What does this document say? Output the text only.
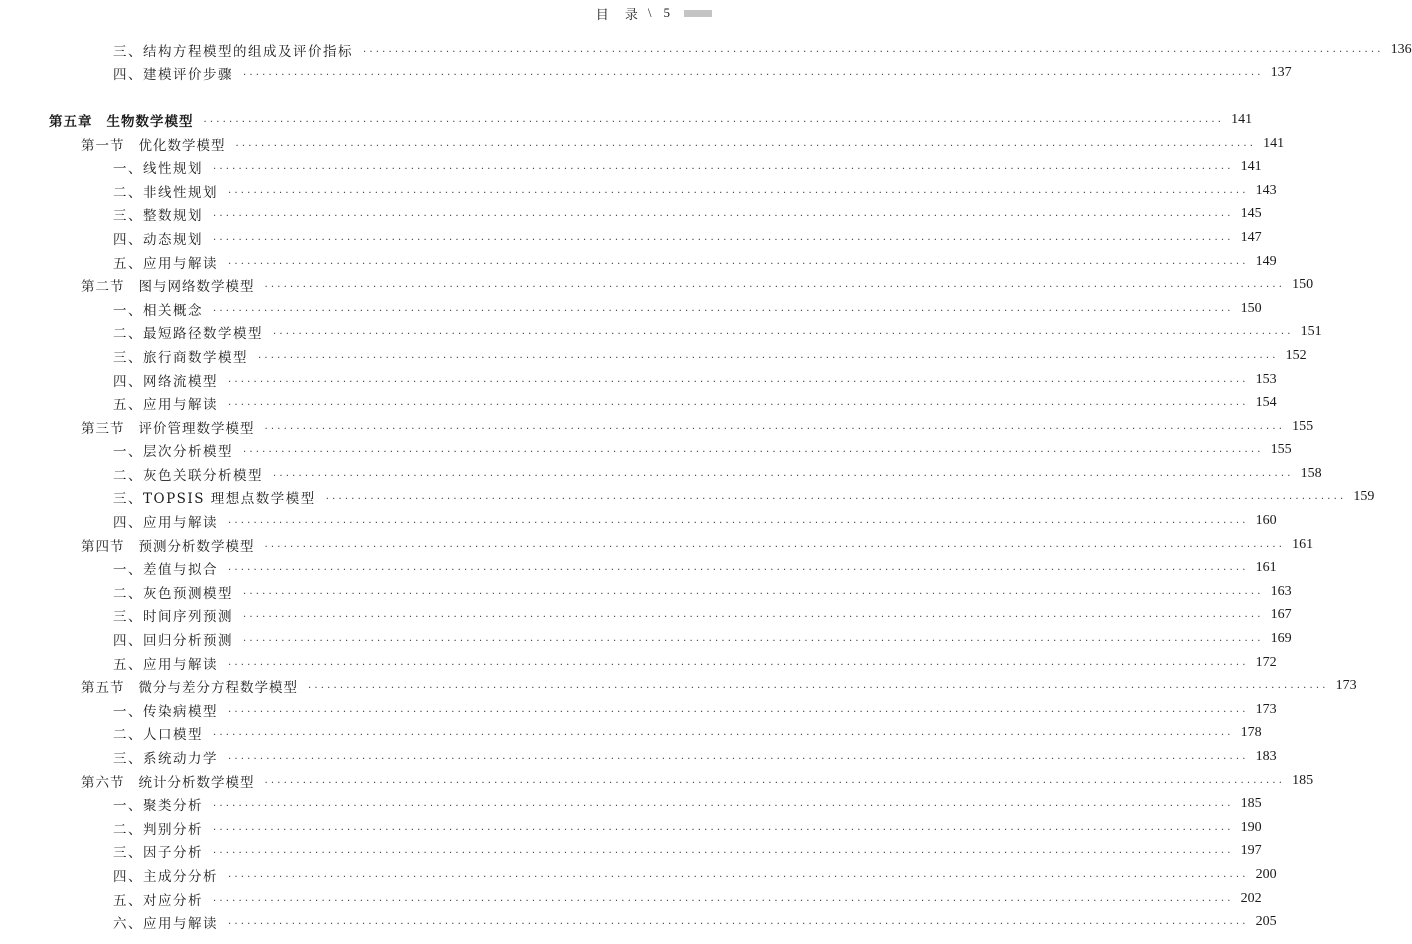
目 录 \ 5
三、结构方程模型的组成及评价指标	................................................................................................................................................................ 136
四、建模评价步骤	................................................................................................................................................................ 137
第五章 生物数学模型	................................................................................................................................................................ 141
第一节 优化数学模型	................................................................................................................................................................ 141
一、线性规划	................................................................................................................................................................ 141
二、非线性规划	................................................................................................................................................................ 143
三、整数规划	................................................................................................................................................................ 145
四、动态规划	................................................................................................................................................................ 147
五、应用与解读	................................................................................................................................................................ 149
第二节 图与网络数学模型	................................................................................................................................................................ 150
一、相关概念	................................................................................................................................................................ 150
二、最短路径数学模型	................................................................................................................................................................ 151
三、旅行商数学模型	................................................................................................................................................................ 152
四、网络流模型	................................................................................................................................................................ 153
五、应用与解读	................................................................................................................................................................ 154
第三节 评价管理数学模型	................................................................................................................................................................ 155
一、层次分析模型	................................................................................................................................................................ 155
二、灰色关联分析模型	................................................................................................................................................................ 158
三、TOPSIS 理想点数学模型	................................................................................................................................................................ 159
四、应用与解读	................................................................................................................................................................ 160
第四节 预测分析数学模型	................................................................................................................................................................ 161
一、差值与拟合	................................................................................................................................................................ 161
二、灰色预测模型	................................................................................................................................................................ 163
三、时间序列预测	................................................................................................................................................................ 167
四、回归分析预测	................................................................................................................................................................ 169
五、应用与解读	................................................................................................................................................................ 172
第五节 微分与差分方程数学模型	................................................................................................................................................................ 173
一、传染病模型	................................................................................................................................................................ 173
二、人口模型	................................................................................................................................................................ 178
三、系统动力学	................................................................................................................................................................ 183
第六节 统计分析数学模型	................................................................................................................................................................ 185
一、聚类分析	................................................................................................................................................................ 185
二、判别分析	................................................................................................................................................................ 190
三、因子分析	................................................................................................................................................................ 197
四、主成分分析	................................................................................................................................................................ 200
五、对应分析	................................................................................................................................................................ 202
六、应用与解读	................................................................................................................................................................ 205
